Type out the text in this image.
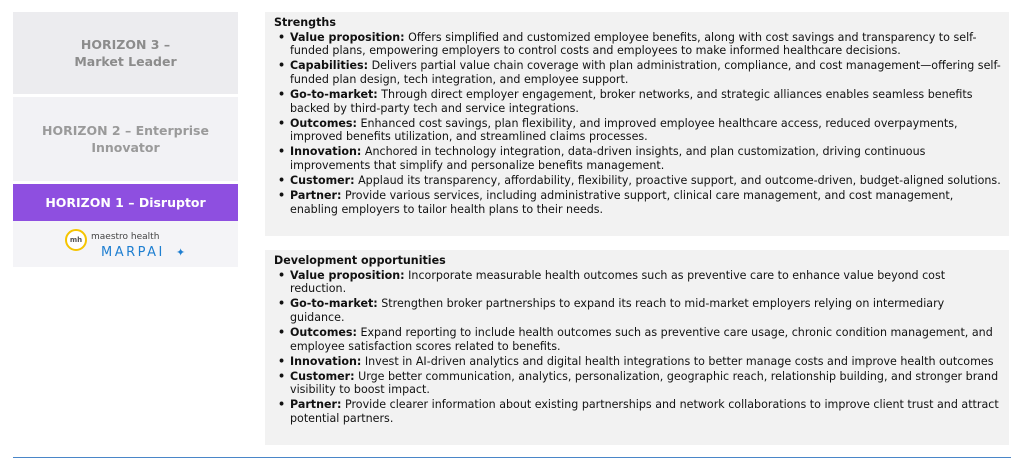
HORIZON 3 –
Market Leader
HORIZON 2 – Enterprise
Innovator
HORIZON 1 – Disruptor
mh maestro health
MARPAI ✦
Strengths
• Value proposition: Offers simplified and customized employee benefits, along with cost savings and transparency to self-funded plans, empowering employers to control costs and employees to make informed healthcare decisions.
• Capabilities: Delivers partial value chain coverage with plan administration, compliance, and cost management—offering self-funded plan design, tech integration, and employee support.
• Go-to-market: Through direct employer engagement, broker networks, and strategic alliances enables seamless benefits backed by third-party tech and service integrations.
• Outcomes: Enhanced cost savings, plan flexibility, and improved employee healthcare access, reduced overpayments, improved benefits utilization, and streamlined claims processes.
• Innovation: Anchored in technology integration, data-driven insights, and plan customization, driving continuous improvements that simplify and personalize benefits management.
• Customer: Applaud its transparency, affordability, flexibility, proactive support, and outcome-driven, budget-aligned solutions.
• Partner: Provide various services, including administrative support, clinical care management, and cost management, enabling employers to tailor health plans to their needs.
Development opportunities
• Value proposition: Incorporate measurable health outcomes such as preventive care to enhance value beyond cost reduction.
• Go-to-market: Strengthen broker partnerships to expand its reach to mid-market employers relying on intermediary guidance.
• Outcomes: Expand reporting to include health outcomes such as preventive care usage, chronic condition management, and employee satisfaction scores related to benefits.
• Innovation: Invest in AI-driven analytics and digital health integrations to better manage costs and improve health outcomes
• Customer: Urge better communication, analytics, personalization, geographic reach, relationship building, and stronger brand visibility to boost impact.
• Partner: Provide clearer information about existing partnerships and network collaborations to improve client trust and attract potential partners.
